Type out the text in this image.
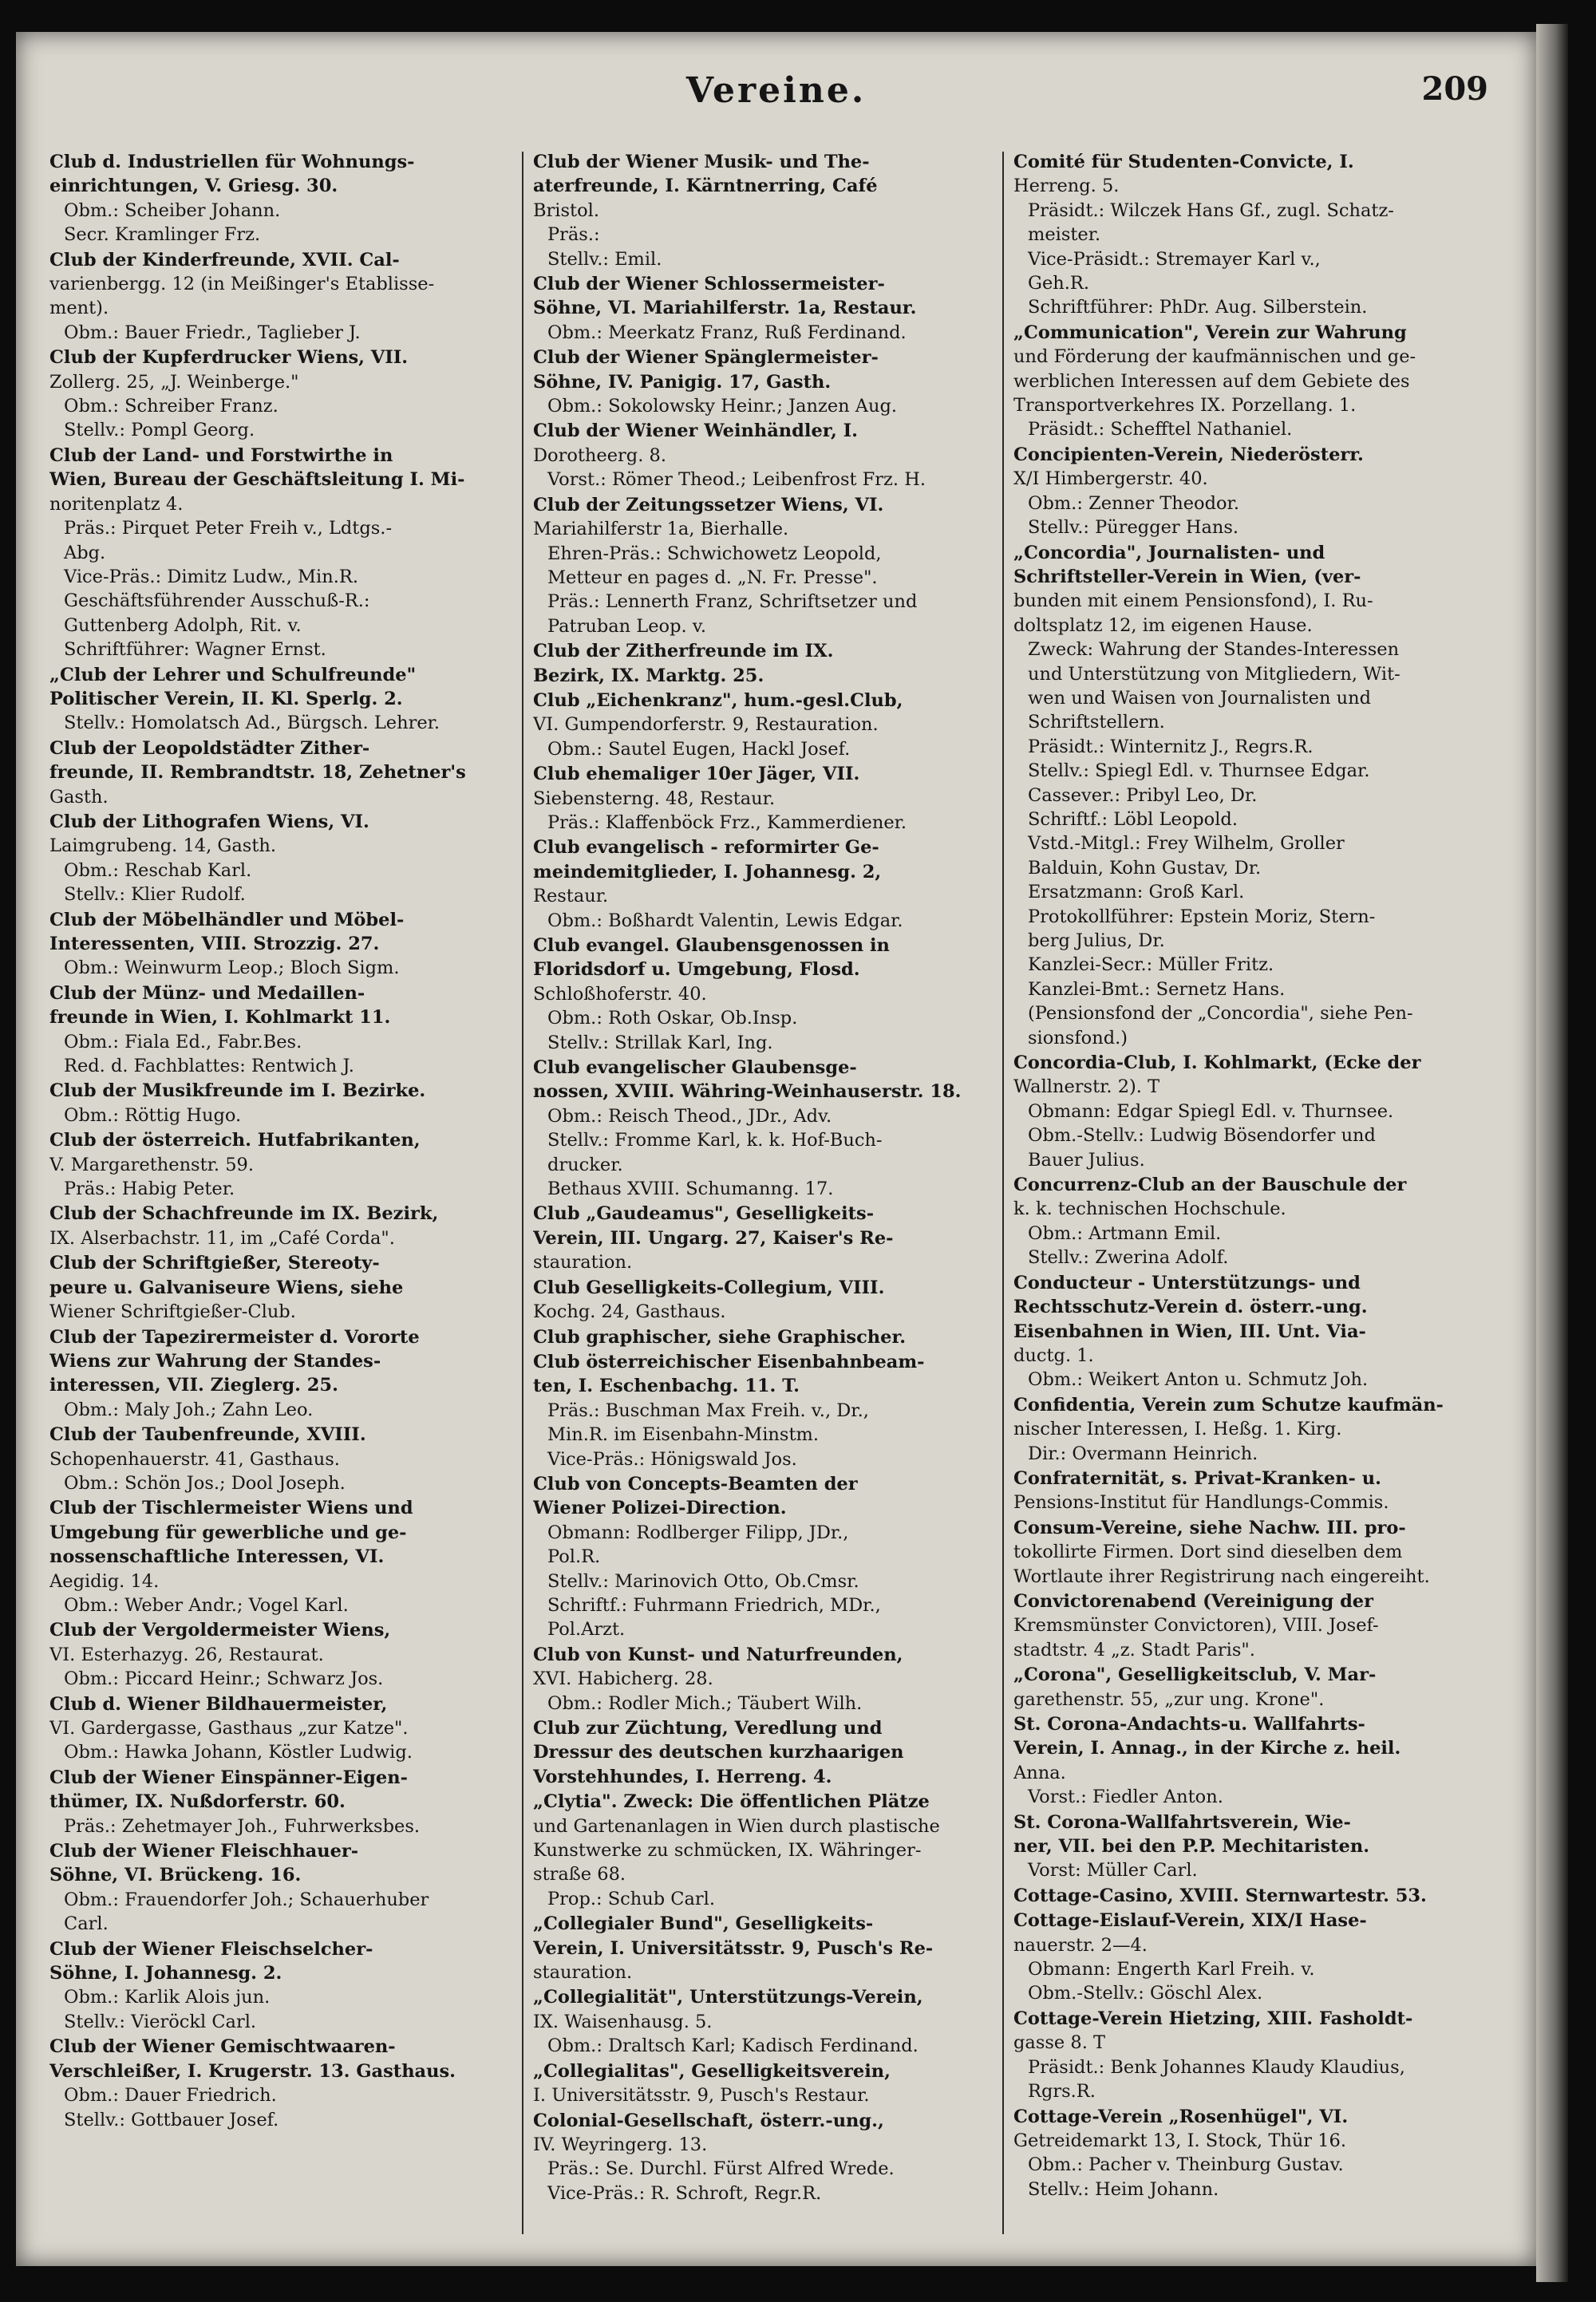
Vereine.	209
Club d. Industriellen für Wohnungs-
einrichtungen, V. Griesg. 30.
Obm.: Scheiber Johann.
Secr. Kramlinger Frz.
Club der Kinderfreunde, XVII. Cal-
varienbergg. 12 (in Meißinger's Etablisse-
ment).
Obm.: Bauer Friedr., Taglieber J.
Club der Kupferdrucker Wiens, VII.
Zollerg. 25, „J. Weinberge."
Obm.: Schreiber Franz.
Stellv.: Pompl Georg.
Club der Land- und Forstwirthe in
Wien, Bureau der Geschäftsleitung I. Mi-
noritenplatz 4.
Präs.: Pirquet Peter Freih v., Ldtgs.-
Abg.
Vice-Präs.: Dimitz Ludw., Min.R.
Geschäftsführender Ausschuß-R.:
Guttenberg Adolph, Rit. v.
Schriftführer: Wagner Ernst.
„Club der Lehrer und Schulfreunde"
Politischer Verein, II. Kl. Sperlg. 2.
Stellv.: Homolatsch Ad., Bürgsch. Lehrer.
Club der Leopoldstädter Zither-
freunde, II. Rembrandtstr. 18, Zehetner's
Gasth.
Club der Lithografen Wiens, VI.
Laimgrubeng. 14, Gasth.
Obm.: Reschab Karl.
Stellv.: Klier Rudolf.
Club der Möbelhändler und Möbel-
Interessenten, VIII. Strozzig. 27.
Obm.: Weinwurm Leop.; Bloch Sigm.
Club der Münz- und Medaillen-
freunde in Wien, I. Kohlmarkt 11.
Obm.: Fiala Ed., Fabr.Bes.
Red. d. Fachblattes: Rentwich J.
Club der Musikfreunde im I. Bezirke.
Obm.: Röttig Hugo.
Club der österreich. Hutfabrikanten,
V. Margarethenstr. 59.
Präs.: Habig Peter.
Club der Schachfreunde im IX. Bezirk,
IX. Alserbachstr. 11, im „Café Corda".
Club der Schriftgießer, Stereoty-
peure u. Galvaniseure Wiens, siehe
Wiener Schriftgießer-Club.
Club der Tapezirermeister d. Vororte
Wiens zur Wahrung der Standes-
interessen, VII. Zieglerg. 25.
Obm.: Maly Joh.; Zahn Leo.
Club der Taubenfreunde, XVIII.
Schopenhauerstr. 41, Gasthaus.
Obm.: Schön Jos.; Dool Joseph.
Club der Tischlermeister Wiens und
Umgebung für gewerbliche und ge-
nossenschaftliche Interessen, VI.
Aegidig. 14.
Obm.: Weber Andr.; Vogel Karl.
Club der Vergoldermeister Wiens,
VI. Esterhazyg. 26, Restaurat.
Obm.: Piccard Heinr.; Schwarz Jos.
Club d. Wiener Bildhauermeister,
VI. Gardergasse, Gasthaus „zur Katze".
Obm.: Hawka Johann, Köstler Ludwig.
Club der Wiener Einspänner-Eigen-
thümer, IX. Nußdorferstr. 60.
Präs.: Zehetmayer Joh., Fuhrwerksbes.
Club der Wiener Fleischhauer-
Söhne, VI. Brückeng. 16.
Obm.: Frauendorfer Joh.; Schauerhuber
Carl.
Club der Wiener Fleischselcher-
Söhne, I. Johannesg. 2.
Obm.: Karlik Alois jun.
Stellv.: Vieröckl Carl.
Club der Wiener Gemischtwaaren-
Verschleißer, I. Krugerstr. 13. Gasthaus.
Obm.: Dauer Friedrich.
Stellv.: Gottbauer Josef.
Club der Wiener Musik- und The-
aterfreunde, I. Kärntnerring, Café
Bristol.
Präs.:
Stellv.: Emil.
Club der Wiener Schlossermeister-
Söhne, VI. Mariahilferstr. 1a, Restaur.
Obm.: Meerkatz Franz, Ruß Ferdinand.
Club der Wiener Spänglermeister-
Söhne, IV. Panigig. 17, Gasth.
Obm.: Sokolowsky Heinr.; Janzen Aug.
Club der Wiener Weinhändler, I.
Dorotheerg. 8.
Vorst.: Römer Theod.; Leibenfrost Frz. H.
Club der Zeitungssetzer Wiens, VI.
Mariahilferstr 1a, Bierhalle.
Ehren-Präs.: Schwichowetz Leopold,
Metteur en pages d. „N. Fr. Presse".
Präs.: Lennerth Franz, Schriftsetzer und
Patruban Leop. v.
Club der Zitherfreunde im IX.
Bezirk, IX. Marktg. 25.
Club „Eichenkranz", hum.-gesl.Club,
VI. Gumpendorferstr. 9, Restauration.
Obm.: Sautel Eugen, Hackl Josef.
Club ehemaliger 10er Jäger, VII.
Siebensterng. 48, Restaur.
Präs.: Klaffenböck Frz., Kammerdiener.
Club evangelisch - reformirter Ge-
meindemitglieder, I. Johannesg. 2,
Restaur.
Obm.: Boßhardt Valentin, Lewis Edgar.
Club evangel. Glaubensgenossen in
Floridsdorf u. Umgebung, Flosd.
Schloßhoferstr. 40.
Obm.: Roth Oskar, Ob.Insp.
Stellv.: Strillak Karl, Ing.
Club evangelischer Glaubensge-
nossen, XVIII. Währing-Weinhauserstr. 18.
Obm.: Reisch Theod., JDr., Adv.
Stellv.: Fromme Karl, k. k. Hof-Buch-
drucker.
Bethaus XVIII. Schumanng. 17.
Club „Gaudeamus", Geselligkeits-
Verein, III. Ungarg. 27, Kaiser's Re-
stauration.
Club Geselligkeits-Collegium, VIII.
Kochg. 24, Gasthaus.
Club graphischer, siehe Graphischer.
Club österreichischer Eisenbahnbeam-
ten, I. Eschenbachg. 11. T.
Präs.: Buschman Max Freih. v., Dr.,
Min.R. im Eisenbahn-Minstm.
Vice-Präs.: Hönigswald Jos.
Club von Concepts-Beamten der
Wiener Polizei-Direction.
Obmann: Rodlberger Filipp, JDr.,
Pol.R.
Stellv.: Marinovich Otto, Ob.Cmsr.
Schriftf.: Fuhrmann Friedrich, MDr.,
Pol.Arzt.
Club von Kunst- und Naturfreunden,
XVI. Habicherg. 28.
Obm.: Rodler Mich.; Täubert Wilh.
Club zur Züchtung, Veredlung und
Dressur des deutschen kurzhaarigen
Vorstehhundes, I. Herreng. 4.
„Clytia". Zweck: Die öffentlichen Plätze
und Gartenanlagen in Wien durch plastische
Kunstwerke zu schmücken, IX. Währinger-
straße 68.
Prop.: Schub Carl.
„Collegialer Bund", Geselligkeits-
Verein, I. Universitätsstr. 9, Pusch's Re-
stauration.
„Collegialität", Unterstützungs-Verein,
IX. Waisenhausg. 5.
Obm.: Draltsch Karl; Kadisch Ferdinand.
„Collegialitas", Geselligkeitsverein,
I. Universitätsstr. 9, Pusch's Restaur.
Colonial-Gesellschaft, österr.-ung.,
IV. Weyringerg. 13.
Präs.: Se. Durchl. Fürst Alfred Wrede.
Vice-Präs.: R. Schroft, Regr.R.
Comité für Studenten-Convicte, I.
Herreng. 5.
Präsidt.: Wilczek Hans Gf., zugl. Schatz-
meister.
Vice-Präsidt.: Stremayer Karl v.,
Geh.R.
Schriftführer: PhDr. Aug. Silberstein.
„Communication", Verein zur Wahrung
und Förderung der kaufmännischen und ge-
werblichen Interessen auf dem Gebiete des
Transportverkehres IX. Porzellang. 1.
Präsidt.: Schefftel Nathaniel.
Concipienten-Verein, Niederösterr.
X/I Himbergerstr. 40.
Obm.: Zenner Theodor.
Stellv.: Püregger Hans.
„Concordia", Journalisten- und
Schriftsteller-Verein in Wien, (ver-
bunden mit einem Pensionsfond), I. Ru-
doltsplatz 12, im eigenen Hause.
Zweck: Wahrung der Standes-Interessen
und Unterstützung von Mitgliedern, Wit-
wen und Waisen von Journalisten und
Schriftstellern.
Präsidt.: Winternitz J., Regrs.R.
Stellv.: Spiegl Edl. v. Thurnsee Edgar.
Cassever.: Pribyl Leo, Dr.
Schriftf.: Löbl Leopold.
Vstd.-Mitgl.: Frey Wilhelm, Groller
Balduin, Kohn Gustav, Dr.
Ersatzmann: Groß Karl.
Protokollführer: Epstein Moriz, Stern-
berg Julius, Dr.
Kanzlei-Secr.: Müller Fritz.
Kanzlei-Bmt.: Sernetz Hans.
(Pensionsfond der „Concordia", siehe Pen-
sionsfond.)
Concordia-Club, I. Kohlmarkt, (Ecke der
Wallnerstr. 2). T
Obmann: Edgar Spiegl Edl. v. Thurnsee.
Obm.-Stellv.: Ludwig Bösendorfer und
Bauer Julius.
Concurrenz-Club an der Bauschule der
k. k. technischen Hochschule.
Obm.: Artmann Emil.
Stellv.: Zwerina Adolf.
Conducteur - Unterstützungs- und
Rechtsschutz-Verein d. österr.-ung.
Eisenbahnen in Wien, III. Unt. Via-
ductg. 1.
Obm.: Weikert Anton u. Schmutz Joh.
Confidentia, Verein zum Schutze kaufmän-
nischer Interessen, I. Heßg. 1. Kirg.
Dir.: Overmann Heinrich.
Confraternität, s. Privat-Kranken- u.
Pensions-Institut für Handlungs-Commis.
Consum-Vereine, siehe Nachw. III. pro-
tokollirte Firmen. Dort sind dieselben dem
Wortlaute ihrer Registrirung nach eingereiht.
Convictorenabend (Vereinigung der
Kremsmünster Convictoren), VIII. Josef-
stadtstr. 4 „z. Stadt Paris".
„Corona", Geselligkeitsclub, V. Mar-
garethenstr. 55, „zur ung. Krone".
St. Corona-Andachts-u. Wallfahrts-
Verein, I. Annag., in der Kirche z. heil.
Anna.
Vorst.: Fiedler Anton.
St. Corona-Wallfahrtsverein, Wie-
ner, VII. bei den P.P. Mechitaristen.
Vorst: Müller Carl.
Cottage-Casino, XVIII. Sternwartestr. 53.
Cottage-Eislauf-Verein, XIX/I Hase-
nauerstr. 2—4.
Obmann: Engerth Karl Freih. v.
Obm.-Stellv.: Göschl Alex.
Cottage-Verein Hietzing, XIII. Fasholdt-
gasse 8. T
Präsidt.: Benk Johannes Klaudy Klaudius,
Rgrs.R.
Cottage-Verein „Rosenhügel", VI.
Getreidemarkt 13, I. Stock, Thür 16.
Obm.: Pacher v. Theinburg Gustav.
Stellv.: Heim Johann.
